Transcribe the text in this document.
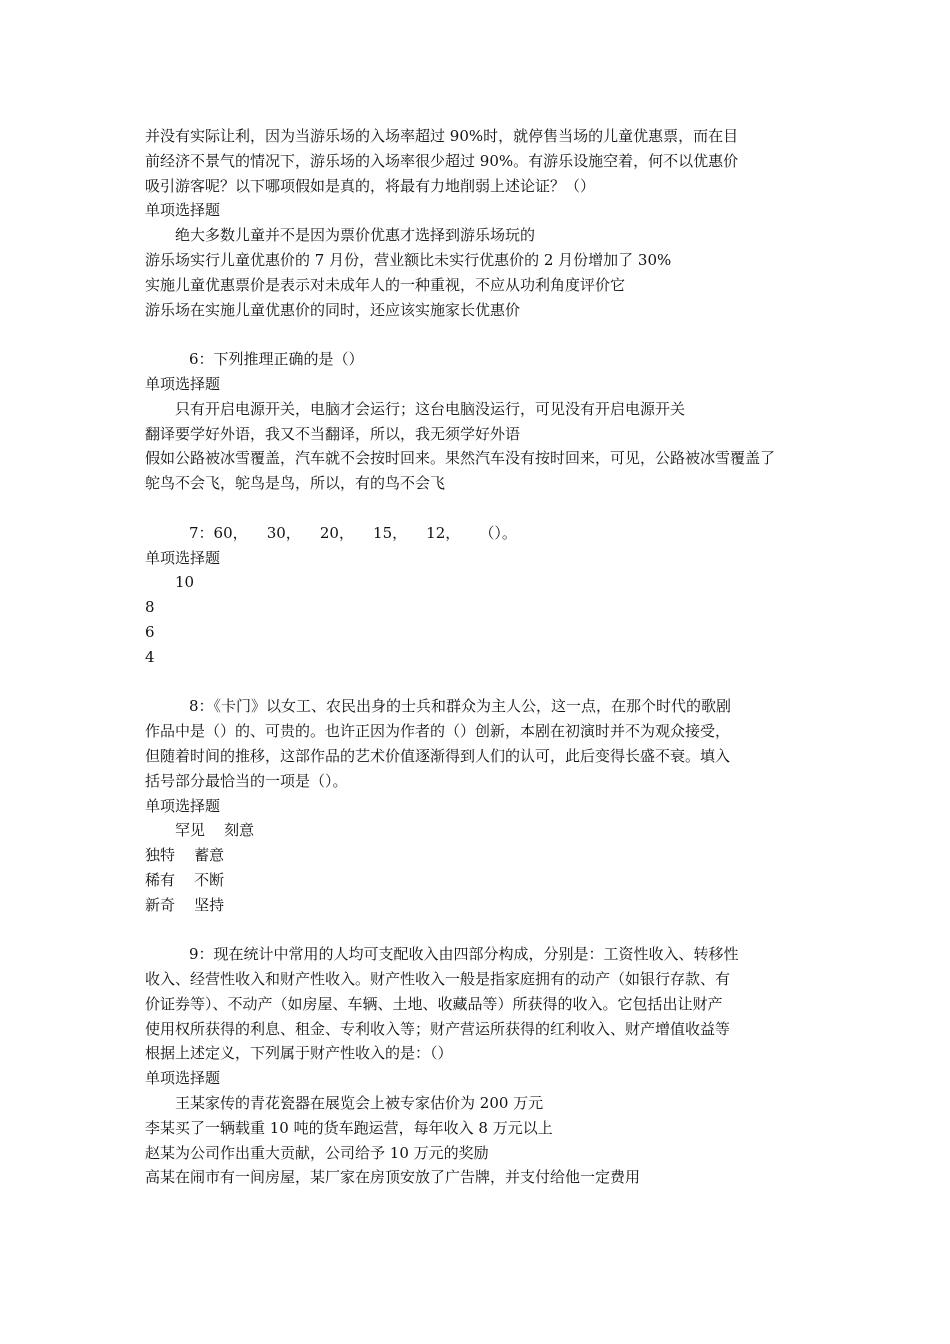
并没有实际让利，因为当游乐场的入场率超过 90%时，就停售当场的儿童优惠票，而在目
前经济不景气的情况下，游乐场的入场率很少超过 90%。有游乐设施空着，何不以优惠价
吸引游客呢？以下哪项假如是真的，将最有力地削弱上述论证？（）
单项选择题
绝大多数儿童并不是因为票价优惠才选择到游乐场玩的
游乐场实行儿童优惠价的 7 月份，营业额比未实行优惠价的 2 月份增加了 30%
实施儿童优惠票价是表示对未成年人的一种重视，不应从功利角度评价它
游乐场在实施儿童优惠价的同时，还应该实施家长优惠价
6：下列推理正确的是（）
单项选择题
只有开启电源开关，电脑才会运行；这台电脑没运行，可见没有开启电源开关
翻译要学好外语，我又不当翻译，所以，我无须学好外语
假如公路被冰雪覆盖，汽车就不会按时回来。果然汽车没有按时回来，可见，公路被冰雪覆盖了
鸵鸟不会飞，鸵鸟是鸟，所以，有的鸟不会飞
7：60，    30，    20，    15，    12，    （）。
单项选择题
10
8
6
4
8：《卡门》以女工、农民出身的士兵和群众为主人公，这一点，在那个时代的歌剧
作品中是（）的、可贵的。也许正因为作者的（）创新，本剧在初演时并不为观众接受，
但随着时间的推移，这部作品的艺术价值逐渐得到人们的认可，此后变得长盛不衰。填入
括号部分最恰当的一项是（）。
单项选择题
罕见    刻意
独特    蓄意
稀有    不断
新奇    坚持
9：现在统计中常用的人均可支配收入由四部分构成，分别是：工资性收入、转移性
收入、经营性收入和财产性收入。财产性收入一般是指家庭拥有的动产（如银行存款、有
价证券等）、不动产（如房屋、车辆、土地、收藏品等）所获得的收入。它包括出让财产
使用权所获得的利息、租金、专利收入等；财产营运所获得的红利收入、财产增值收益等
根据上述定义，下列属于财产性收入的是：（）
单项选择题
王某家传的青花瓷器在展览会上被专家估价为 200 万元
李某买了一辆载重 10 吨的货车跑运营，每年收入 8 万元以上
赵某为公司作出重大贡献，公司给予 10 万元的奖励
高某在闹市有一间房屋，某厂家在房顶安放了广告牌，并支付给他一定费用
